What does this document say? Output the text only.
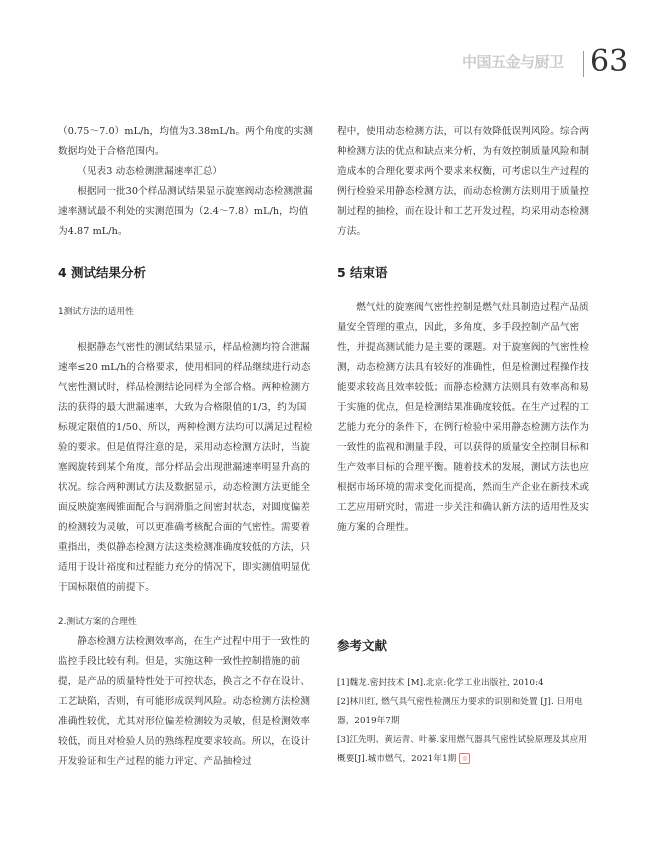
中国五金与厨卫 63

（0.75～7.0）mL/h，均值为3.38mL/h。两个角度的实测数据均处于合格范围内。

（见表3 动态检测泄漏速率汇总）

根据同一批30个样品测试结果显示旋塞阀动态检测泄漏速率测试最不利处的实测范围为（2.4～7.8）mL/h，均值为4.87 mL/h。

4 测试结果分析
1测试方法的适用性

根据静态气密性的测试结果显示，样品检测均符合泄漏速率≤20 mL/h的合格要求，使用相同的样品继续进行动态气密性测试时，样品检测结论同样为全部合格。两种检测方法的获得的最大泄漏速率，大致为合格限值的1/3，约为国标规定限值的1/50、所以，两种检测方法均可以满足过程检验的要求。但是值得注意的是，采用动态检测方法时，当旋塞阀旋转到某个角度，部分样品会出现泄漏速率明显升高的状况。综合两种测试方法及数据显示，动态检测方法更能全面反映旋塞阀锥面配合与润滑脂之间密封状态，对圆度偏差的检测较为灵敏，可以更准确考核配合面的气密性。需要着重指出，类似静态检测方法这类检测准确度较低的方法，只适用于设计裕度和过程能力充分的情况下，即实测值明显优于国标限值的前提下。

2.测试方案的合理性

静态检测方法检测效率高，在生产过程中用于一致性的监控手段比较有利。但是，实施这种一致性控制措施的前提，是产品的质量特性处于可控状态，换言之不存在设计、工艺缺陷，否则，有可能形成误判风险。动态检测方法检测准确性较优，尤其对形位偏差检测较为灵敏，但是检测效率较低，而且对检验人员的熟练程度要求较高。所以，在设计开发验证和生产过程的能力评定、产品抽检过

程中，使用动态检测方法，可以有效降低误判风险。综合两种检测方法的优点和缺点来分析，为有效控制质量风险和制造成本的合理化要求两个要求来权衡，可考虑以生产过程的例行检验采用静态检测方法，而动态检测方法则用于质量控制过程的抽检，而在设计和工艺开发过程，均采用动态检测方法。

5 结束语

燃气灶的旋塞阀气密性控制是燃气灶具制造过程产品质量安全管理的重点，因此，多角度、多手段控制产品气密性，并提高测试能力是主要的课题。对于旋塞阀的气密性检测，动态检测方法具有较好的准确性，但是检测过程操作技能要求较高且效率较低；而静态检测方法则具有效率高和易于实施的优点，但是检测结果准确度较低。在生产过程的工艺能力充分的条件下，在例行检验中采用静态检测方法作为一致性的监视和测量手段，可以获得的质量安全控制目标和生产效率目标的合理平衡。随着技术的发展，测试方法也应根据市场环境的需求变化而提高，然而生产企业在新技术或工艺应用研究时，需进一步关注和确认新方法的适用性及实施方案的合理性。

参考文献

[1]魏龙.密封技术 [M].北京:化学工业出版社, 2010:4

[2]林川红, 燃气具气密性检测压力要求的识别和处置 [J]. 日用电器，2019年7期

[3]江先明、黄运青、叶蓁.家用燃气器具气密性试验原理及其应用概要[J].城市燃气，2021年1期 ◎
